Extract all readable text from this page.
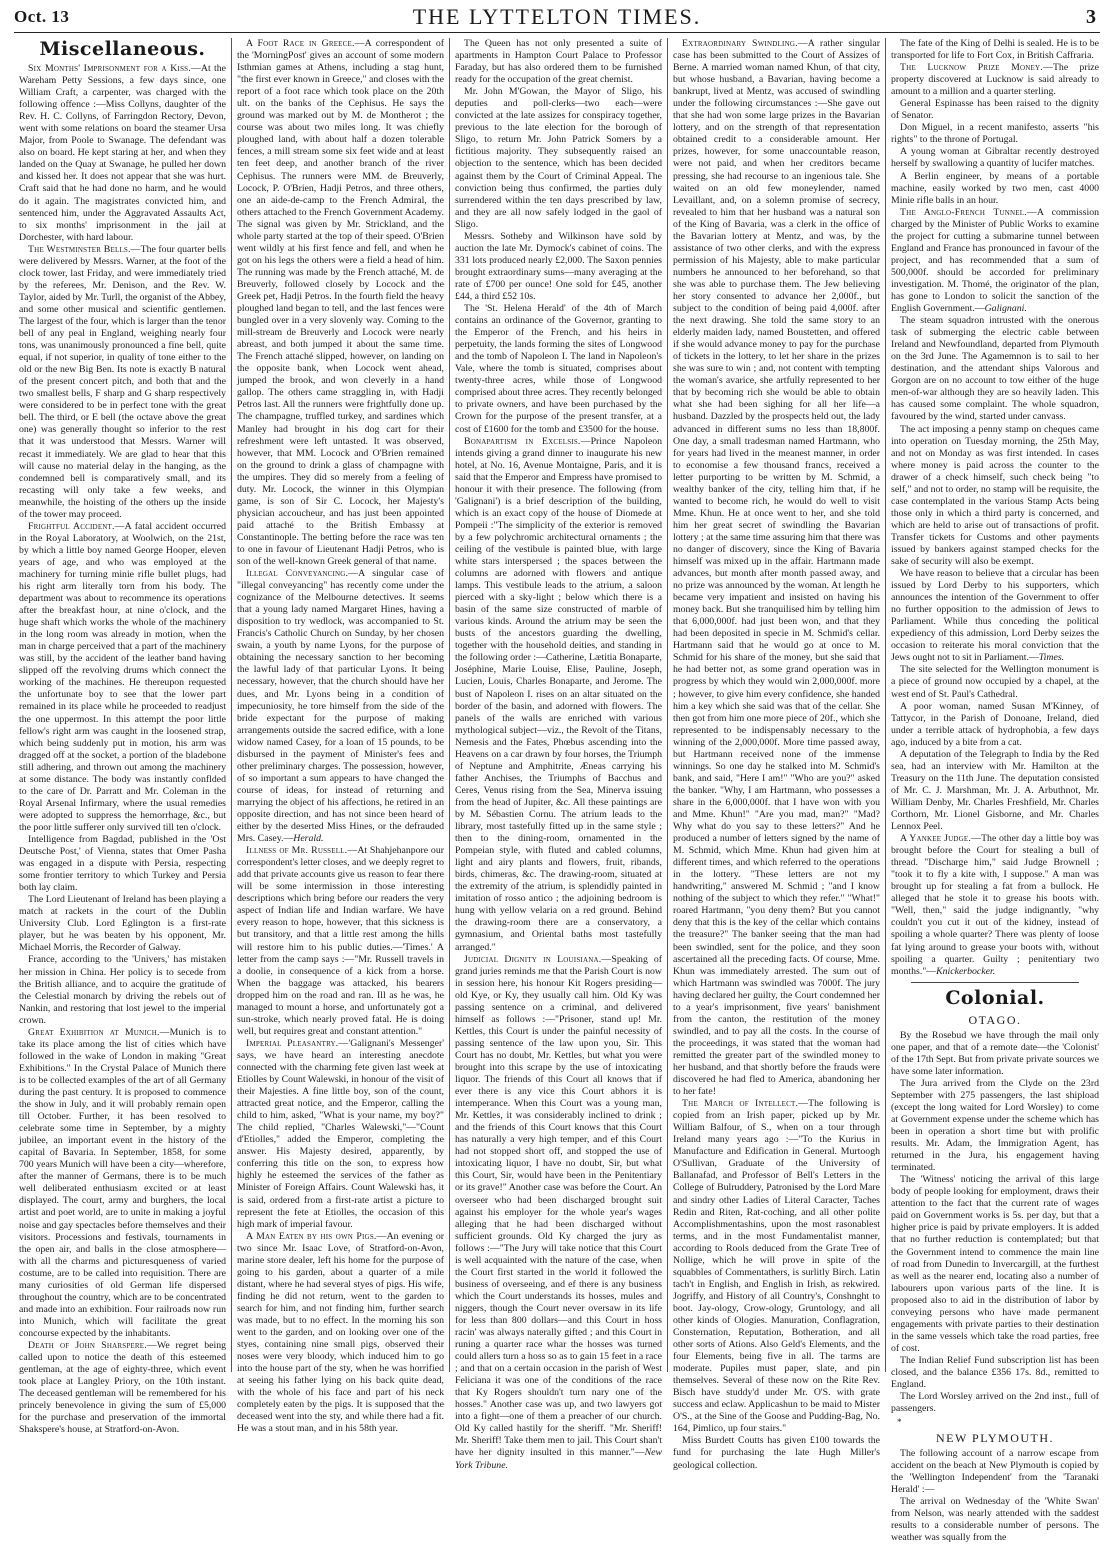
Oct. 13	THE LYTTELTON TIMES.	3
Miscellaneous.

Six Months' Imprisonment for a Kiss.—At the Wareham Petty Sessions, a few days since, one William Craft, a carpenter, was charged with the following offence :—Miss Collyns, daughter of the Rev. H. C. Collyns, of Farringdon Rectory, Devon, went with some relations on board the steamer Ursa Major, from Poole to Swanage. The defendant was also on board. He kept staring at her, and when they landed on the Quay at Swanage, he pulled her down and kissed her. It does not appear that she was hurt. Craft said that he had done no harm, and he would do it again. The magistrates convicted him, and sentenced him, under the Aggravated Assaults Act, to six months' imprisonment in the jail at Dorchester, with hard labour.

The Westminster Bells.—The four quarter bells were delivered by Messrs. Warner, at the foot of the clock tower, last Friday, and were immediately tried by the referees, Mr. Denison, and the Rev. W. Taylor, aided by Mr. Turll, the organist of the Abbey, and some other musical and scientific gentlemen. The largest of the four, which is larger than the tenor bell of any peal in England, weighing nearly four tons, was unanimously pronounced a fine bell, quite equal, if not superior, in quality of tone either to the old or the new Big Ben. Its note is exactly B natural of the present concert pitch, and both that and the two smallest bells, F sharp and G sharp respectively were considered to be in perfect tone with the great bell. The third, or E bell (the octave above the great one) was generally thought so inferior to the rest that it was understood that Messrs. Warner will recast it immediately. We are glad to hear that this will cause no material delay in the hanging, as the condemned bell is comparatively small, and its recasting will only take a few weeks, and meanwhile, the hoisting of the others up the inside of the tower may proceed.

Frightful Accident.—A fatal accident occurred in the Royal Laboratory, at Woolwich, on the 21st, by which a little boy named George Hooper, eleven years of age, and who was employed at the machinery for turning minie rifle bullet plugs, had his right arm literally torn from his body. The department was about to recommence its operations after the breakfast hour, at nine o'clock, and the huge shaft which works the whole of the machinery in the long room was already in motion, when the man in charge perceived that a part of the machinery was still, by the accident of the leather band having slipped off the revolving drums which connect the working of the machines. He thereupon requested the unfortunate boy to see that the lower part remained in its place while he proceeded to readjust the one uppermost. In this attempt the poor little fellow's right arm was caught in the loosened strap, which being suddenly put in motion, his arm was dragged off at the socket, a portion of the bladebone still adhering, and thrown out among the machinery at some distance. The body was instantly conflded to the care of Dr. Parratt and Mr. Coleman in the Royal Arsenal Infirmary, where the usual remedies were adopted to suppress the hemorrhage, &c., but the poor little sufferer only survived till ten o'clock.

Intelligence from Bagdad, published in the 'Ost Deutsche Post,' of Vienna, states that Omer Pasha was engaged in a dispute with Persia, respecting some frontier territory to which Turkey and Persia both lay claim.

The Lord Lieutenant of Ireland has been playing a match at rackets in the court of the Dublin University Club. Lord Eglington is a first-rate player, but he was beaten by his opponent, Mr. Michael Morris, the Recorder of Galway.

France, according to the 'Univers,' has mistaken her mission in China. Her policy is to secede from the British alliance, and to acquire the gratitude of the Celestial monarch by driving the rebels out of Nankin, and restoring that lost jewel to the imperial crown.

Great Exhibition at Munich.—Munich is to take its place among the list of cities which have followed in the wake of London in making "Great Exhibitions." In the Crystal Palace of Munich there is to be collected examples of the art of all Germany during the past century. It is proposed to commence the show in July, and it will probably remain open till October. Further, it has been resolved to celebrate some time in September, by a mighty jubilee, an important event in the history of the capital of Bavaria. In September, 1858, for some 700 years Munich will have been a city—wherefore, after the manner of Germans, there is to be much well deliberated enthusiasm excited or at least displayed. The court, army and burghers, the local artist and poet world, are to unite in making a joyful noise and gay spectacles before themselves and their visitors. Processions and festivals, tournaments in the open air, and balls in the close atmosphere—with all the charms and picturesqueness of varied costume, are to be called into requisition. There are many curiosities of old German life dispersed throughout the country, which are to be concentrated and made into an exhibition. Four railroads now run into Munich, which will facilitate the great concourse expected by the inhabitants.

Death of John Sharspere.—We regret being called upon to notice the death of this esteemed gentleman, at the age of eighty-three, which event took place at Langley Priory, on the 10th instant. The deceased gentleman will be remembered for his princely benevolence in giving the sum of £5,000 for the purchase and preservation of the immortal Shakspere's house, at Stratford-on-Avon.

A Foot Race in Greece.—A correspondent of the 'MorningPost' gives an account of some modern Isthmian games at Athens, including a stag hunt, "the first ever known in Greece," and closes with the report of a foot race which took place on the 20th ult. on the banks of the Cephisus. He says the ground was marked out by M. de Montherot ; the course was about two miles long. It was chiefly ploughed land, with about half a dozen tolerable fences, a mill stream some six feet wide and at least ten feet deep, and another branch of the river Cephisus. The runners were MM. de Breuverly, Locock, P. O'Brien, Hadji Petros, and three others, one an aide-de-camp to the French Admiral, the others attached to the French Government Academy. The signal was given by Mr. Strickland, and the whole party started at the top of their speed. O'Brien went wildly at his first fence and fell, and when he got on his legs the others were a field a head of him. The running was made by the French attaché, M. de Breuverly, followed closely by Locock and the Greek pet, Hadji Petros. In the fourth field the heavy ploughed land began to tell, and the last fences were bungled over in a very slovenly way. Coming to the mill-stream de Breuverly and Locock were nearly abreast, and both jumped it about the same time. The French attaché slipped, however, on landing on the opposite bank, when Locock went ahead, jumped the brook, and won cleverly in a hand gallop. The others came straggling in, with Hadji Petros last. All the runners were frightfully done up. The champagne, truffled turkey, and sardines which Manley had brought in his dog cart for their refreshment were left untasted. It was observed, however, that MM. Locock and O'Brien remained on the ground to drink a glass of champagne with the umpires. They did so merely from a feeling of duty. Mr. Locock, the winner in this Olympian game, is son of Sir C. Locock, her Majesty's physician accoucheur, and has just been appointed paid attaché to the British Embassy at Constantinople. The betting before the race was ten to one in favour of Lieutenant Hadji Petros, who is son of the well-known Greek general of that name.

Illegal Conveyancing.—A singular case of "illegal conveyancing" has recently come under the cognizance of the Melbourne detectives. It seems that a young lady named Margaret Hines, having a disposition to try wedlock, was accompanied to St. Francis's Catholic Church on Sunday, by her chosen swain, a youth by name Lyons, for the purpose of obtaining the necessary sanction to her becoming the lawful lady of that particular Lyons. It being necessary, however, that the church should have her dues, and Mr. Lyons being in a condition of impecuniosity, he tore himself from the side of the bride expectant for the purpose of making arrangements outside the sacred edifice, with a lone widow named Casey, for a loan of 15 pounds, to be disbursed in the payment of Minister's fees and other preliminary charges. The possession, however, of so important a sum appears to have changed the course of ideas, for instead of returning and marrying the object of his affections, he retired in an opposite direction, and has not since been heard of either by the deserted Miss Hines, or the defrauded Mrs. Casey.—Herald.

Illness of Mr. Russell.—At Shahjehanpore our correspondent's letter closes, and we deeply regret to add that private accounts give us reason to fear there will be some intermission in those interesting descriptions which bring before our readers the very aspect of Indian life and Indian warfare. We have every reason to hope, however, that this sickness is but transitory, and that a little rest among the hills will restore him to his public duties.—'Times.' A letter from the camp says :—"Mr. Russell travels in a doolie, in consequence of a kick from a horse. When the baggage was attacked, his bearers dropped him on the road and ran. Ill as he was, he managed to mount a horse, and unfortunately got a sun-stroke, which nearly proved fatal. He is doing well, but requires great and constant attention."

Imperial Pleasantry.—'Galignani's Messenger' says, we have heard an interesting anecdote connected with the charming fete given last week at Etiolles by Count Walewski, in honour of the visit of their Majesties. A fine little boy, son of the count, attracted great notice, and the Emperor, calling the child to him, asked, "What is your name, my boy?" The child replied, "Charles Walewski,"—"Count d'Etiolles," added the Emperor, completing the answer. His Majesty desired, apparently, by conferring this title on the son, to express how highly he esteemed the services of the father as Minister of Foreign Affairs. Count Walewski has, it is said, ordered from a first-rate artist a picture to represent the fete at Etiolles, the occasion of this high mark of imperial favour.

A Man Eaten by his own Pigs.—An evening or two since Mr. Isaac Love, of Stratford-on-Avon, marine store dealer, left his home for the purpose of going to his garden, about a quarter of a mile distant, where he had several styes of pigs. His wife, finding he did not return, went to the garden to search for him, and not finding him, further search was made, but to no effect. In the morning his son went to the garden, and on looking over one of the styes, containing nine small pigs, observed their noses were very bloody, which induced him to go into the house part of the sty, when he was horrified at seeing his father lying on his back quite dead, with the whole of his face and part of his neck completely eaten by the pigs. It is supposed that the deceased went into the sty, and while there had a fit. He was a stout man, and in his 58th year.

The Queen has not only presented a suite of apartments in Hampton Court Palace to Professor Faraday, but has also ordered them to be furnished ready for the occupation of the great chemist.

Mr. John M'Gowan, the Mayor of Sligo, his deputies and poll-clerks—two each—were convicted at the late assizes for conspiracy together, previous to the late election for the borough of Sligo, to return Mr. John Patrick Somers by a fictitious majority. They subsequently raised an objection to the sentence, which has been decided against them by the Court of Criminal Appeal. The conviction being thus confirmed, the parties duly surrendered within the ten days prescribed by law, and they are all now safely lodged in the gaol of Sligo.

Messrs. Sotheby and Wilkinson have sold by auction the late Mr. Dymock's cabinet of coins. The 331 lots produced nearly £2,000. The Saxon pennies brought extraordinary sums—many averaging at the rate of £700 per ounce! One sold for £45, another £44, a third £52 10s.

The 'St. Helena Herald' of the 4th of March contains an ordinance of the Governor, granting to the Emperor of the French, and his heirs in perpetuity, the lands forming the sites of Longwood and the tomb of Napoleon I. The land in Napoleon's Vale, where the tomb is situated, comprises about twenty-three acres, while those of Longwood comprised about three acres. They recently belonged to private owners, and have been purchased by the Crown for the purpose of the present transfer, at a cost of £1600 for the tomb and £3500 for the house.

Bonapartism in Excelsis.—Prince Napoleon intends giving a grand dinner to inaugurate his new hotel, at No. 16, Avenue Montaigne, Paris, and it is said that the Emperor and Empress have promised to honour it with their presence. The following (from 'Galignani') is a brief description of the building, which is an exact copy of the house of Diomede at Pompeii :"The simplicity of the exterior is removed by a few polychromic architectural ornaments ; the ceiling of the vestibule is painted blue, with large white stars interspersed ; the spaces between the columns are adorned with flowers and antique lamps. This vestibule leads to the atrium, a saloon pierced with a sky-light ; below which there is a basin of the same size constructed of marble of various kinds. Around the atrium may be seen the busts of the ancestors guarding the dwelling, together with the household deities, and standing in the following order :—Catherine, Lætitia Bonaparte, Joséphine, Marie Louise, Elise, Pauline, Joseph, Lucien, Louis, Charles Bonaparte, and Jerome. The bust of Napoleon I. rises on an altar situated on the border of the basin, and adorned with flowers. The panels of the walls are enriched with various mythological subject—viz., the Revolt of the Titans, Nemesis and the Fates, Phœbus ascending into the Heavens on a car drawn by four horses, the Triumph of Neptune and Amphitrite, Æneas carrying his father Anchises, the Triumphs of Bacchus and Ceres, Venus rising from the Sea, Minerva issuing from the head of Jupiter, &c. All these paintings are by M. Sébastien Cornu. The atrium leads to the library, most tastefully fitted up in the same style ; then to the dining-room, ornamented in the Pompeian style, with fluted and cabled columns, light and airy plants and flowers, fruit, ribands, birds, chimeras, &c. The drawing-room, situated at the extremity of the atrium, is splendidly painted in imitation of rosso antico ; the adjoining bedroom is hung with yellow velaria on a red ground. Behind the drawing-room there are a conservatory, a gymnasium, and Oriental baths most tastefully arranged."

Judicial Dignity in Louisiana.—Speaking of grand juries reminds me that the Parish Court is now in session here, his honour Kit Rogers presiding—old Kye, or Ky, they usually call him. Old Ky was passing sentence on a criminal, and delivered himself as follows :—"Prisoner, stand up! Mr. Kettles, this Court is under the painful necessity of passing sentence of the law upon you, Sir. This Court has no doubt, Mr. Kettles, but what you were brought into this scrape by the use of intoxicating liquor. The friends of this Court all knows that if ever there is any vice this Court abhors it is intemperance. When this Court was a young man, Mr. Kettles, it was considerably inclined to drink ; and the friends of this Court knows that this Court has naturally a very high temper, and ef this Court had not stopped short off, and stopped the use of intoxicating liquor, I have no doubt, Sir, but what this Court, Sir, would have been in the Penitentiary or its grave!" Another case was before the Court. An overseer who had been discharged brought suit against his employer for the whole year's wages alleging that he had been discharged without sufficient grounds. Old Ky charged the jury as follows :—"The Jury will take notice that this Court is well acquainted with the nature of the case, when the Court first started in the world it followed the business of overseeing, and ef there is any business which the Court understands its hosses, mules and niggers, though the Court never oversaw in its life for less than 800 dollars—and this Court in hoss racin' was always naterally gifted ; and this Court in runing a quarter race whar the hosses was turned could allers turn a hoss so as to gain 15 feet in a race ; and that on a certain occasion in the parish of West Feliciana it was one of the conditions of the race that Ky Rogers shouldn't turn nary one of the hosses." Another case was up, and two lawyers got into a fight—one of them a preacher of our church. Old Ky called hastily for the sheriff. "Mr. Sheriff! Mr. Sheriff! Take them men to jail. This Court shan't have her dignity insulted in this manner."—New York Tribune.

Extraordinary Swindling.—A rather singular case has been submitted to the Court of Assizes of Berne. A married woman named Khun, of that city, but whose husband, a Bavarian, having become a bankrupt, lived at Mentz, was accused of swindling under the following circumstances :—She gave out that she had won some large prizes in the Bavarian lottery, and on the strength of that representation obtained credit to a considerable amount. Her prizes, however, for some unaccountable reason, were not paid, and when her creditors became pressing, she had recourse to an ingenious tale. She waited on an old few moneylender, named Levaillant, and, on a solemn promise of secrecy, revealed to him that her husband was a natural son of the King of Bavaria, was a clerk in the office of the Bavarian lottery at Mentz, and was, by the assistance of two other clerks, and with the express permission of his Majesty, able to make particular numbers he announced to her beforehand, so that she was able to purchase them. The Jew believing her story consented to advance her 2,000f., but subject to the condition of being paid 4,000f. after the next drawing. She told the same story to an elderly maiden lady, named Boustetten, and offered if she would advance money to pay for the purchase of tickets in the lottery, to let her share in the prizes she was sure to win ; and, not content with tempting the woman's avarice, she artfully represented to her that by becoming rich she would be able to obtain what she had been sighing for all her life—a husband. Dazzled by the prospects held out, the lady advanced in different sums no less than 18,800f. One day, a small tradesman named Hartmann, who for years had lived in the meanest manner, in order to economise a few thousand francs, received a letter purporting to be written by M. Schmid, a wealthy banker of the city, telling him that, if he wanted to become rich, he would do well to visit Mme. Khun. He at once went to her, and she told him her great secret of swindling the Bavarian lottery ; at the same time assuring him that there was no danger of discovery, since the King of Bavaria himself was mixed up in the affair. Hartmann made advances, but month after month passed away, and no prize was announced by the woman. At length he became very impatient and insisted on having his money back. But she tranquilised him by telling him that 6,000,000f. had just been won, and that they had been deposited in specie in M. Schmid's cellar. Hartmann said that he would go at once to M. Schmid for his share of the money, but she said that he had better not, as some grand operation was in progress by which they would win 2,000,000f. more ; however, to give him every confidence, she handed him a key which she said was that of the cellar. She then got from him one more piece of 20f., which she represented to be indispensably necessary to the winning of the 2,000,000f. More time passed away, but Hartmann received none of the immense winnings. So one day he stalked into M. Schmid's bank, and said, "Here I am!" "Who are you?" asked the banker. "Why, I am Hartmann, who possesses a share in the 6,000,000f. that I have won with you and Mme. Khun!" "Are you mad, man?" "Mad? Why what do you say to these letters?" And he produced a number of letters signed by the name of M. Schmid, which Mme. Khun had given him at different times, and which referred to the operations in the lottery. "These letters are not my handwriting," answered M. Schmid ; "and I know nothing of the subject to which they refer." "What!" roared Hartmann, "you deny them? But you cannot deny that this is the key of the cellar which contains the treasure?" The banker seeing that the man had been swindled, sent for the police, and they soon ascertained all the preceding facts. Of course, Mme. Khun was immediately arrested. The sum out of which Hartmann was swindled was 7000f. The jury having declared her guilty, the Court condemned her to a year's imprisonment, five years' banishment from the canton, the restitution of the money swindled, and to pay all the costs. In the course of the proceedings, it was stated that the woman had remitted the greater part of the swindled money to her husband, and that shortly before the frauds were discovered he had fled to America, abandoning her to her fate!

The March of Intellect.—The following is copied from an Irish paper, picked up by Mr. William Balfour, of S., when on a tour through Ireland many years ago :—"To the Kurius in Manufacture and Edification in General. Murtoogh O'Sullivan, Graduate of the University of Ballanafad, and Professor of Bell's Letters in the College of Bulruddery, Patronised by the Lord Mare and sindry other Ladies of Literal Caracter, Taches Redin and Riten, Rat-coching, and all other polite Accomplishmentashins, upon the most rasonablest terms, and in the most Fundamentalist manner, according to Rools deduced from the Grate Tree of Nollige, which he will prove in spite of the squabbles of Commentathers, is surlitly Birch. Latin tach't in English, and English in Irish, as rekwired. Jogriffy, and History of all Country's, Conshnght to boot. Jay-ology, Crow-ology, Gruntology, and all other kinds of Ologies. Manuration, Conflagration, Consternation, Reputation, Botheration, and all other sorts of Ations. Also Geld's Elements, and the four Elements, being five in all. The tarms are moderate. Pupiles must paper, slate, and pin themselves. Several of these now on the Rite Rev. Bisch have studdy'd under Mr. O'S. with grate success and eclaw. Applicashun to be maid to Mister O'S., at the Sine of the Goose and Pudding-Bag, No. 164, Pimlico, up four stairs."

Miss Burdett Coutts has given £100 towards the fund for purchasing the late Hugh Miller's geological collection.

The fate of the King of Delhi is sealed. He is to be transported for life to Fort Cox, in British Caffraria.

The Lucknow Prize Money.—The prize property discovered at Lucknow is said already to amount to a million and a quarter sterling.

General Espinasse has been raised to the dignity of Senator.

Don Miguel, in a recent manifesto, asserts "his rights" to the throne of Portugal.

A young woman at Gibraltar recently destroyed herself by swallowing a quantity of lucifer matches.

A Berlin engineer, by means of a portable machine, easily worked by two men, cast 4000 Minie rifle balls in an hour.

The Anglo-French Tunnel.—A commission charged by the Minister of Public Works to examine the project for cutting a submarine tunnel between England and France has pronounced in favour of the project, and has recommended that a sum of 500,000f. should be accorded for preliminary investigation. M. Thomé, the originator of the plan, has gone to London to solicit the sanction of the English Government.—Galignani.

The steam squadron intrusted with the onerous task of submerging the electric cable between Ireland and Newfoundland, departed from Plymouth on the 3rd June. The Agamemnon is to sail to her destination, and the attendant ships Valorous and Gorgon are on no account to tow either of the huge men-of-war although they are so heavily laden. This has caused some complaint. The whole squadron, favoured by the wind, started under canvass.

The act imposing a penny stamp on cheques came into operation on Tuesday morning, the 25th May, and not on Monday as was first intended. In cases where money is paid across the counter to the drawer of a check himself, such check being "to self," and not to order, no stamp will be requisite, the case contemplated in the various Stamp Acts being those only in which a third party is concerned, and which are held to arise out of transactions of profit. Transfer tickets for Customs and other payments issued by bankers against stamped checks for the sake of security will also be exempt.

We have reason to believe that a circular has been issued by Lord Derby to his supporters, which announces the intention of the Government to offer no further opposition to the admission of Jews to Parliament. While thus conceding the political expediency of this admission, Lord Derby seizes the occasion to reiterate his moral conviction that the Jews ought not to sit in Parliament.—Times.

The site selected for the Wellington monument is a piece of ground now occupied by a chapel, at the west end of St. Paul's Cathedral.

A poor woman, named Susan M'Kinney, of Tattycor, in the Parish of Donoane, Ireland, died under a terrible attack of hydrophobia, a few days ago, induced by a bite from a cat.

A deputation of the Telegraph to India by the Red sea, had an interview with Mr. Hamilton at the Treasury on the 11th June. The deputation consisted of Mr. C. J. Marshman, Mr. J. A. Arbuthnot, Mr. William Denby, Mr. Charles Freshfield, Mr. Charles Corthorn, Mr. Lionel Gisborne, and Mr. Charles Lennox Peel.

A Yankee Judge.—The other day a little boy was brought before the Court for stealing a bull of thread. "Discharge him," said Judge Brownell ; "took it to fly a kite with, I suppose." A man was brought up for stealing a fat from a bullock. He alleged that he stole it to grease his boots with. "Well, then," said the judge indignantly, "why couldn't you cut it out of the kidney, instead of spoiling a whole quarter? There was plenty of loose fat lying around to grease your boots with, without spoiling a quarter. Guilty ; penitentiary two months."—Knickerbocker.

Colonial.
OTAGO.

By the Rosebud we have through the mail only one paper, and that of a remote date—the 'Colonist' of the 17th Sept. But from private private sources we have some later information.

The Jura arrived from the Clyde on the 23rd September with 275 passengers, the last shipload (except the long waited for Lord Worsley) to come at Government expense under the scheme which has been in operation a short time but with prolific results. Mr. Adam, the Immigration Agent, has returned in the Jura, his engagement having terminated.

The 'Witness' noticing the arrival of this large body of people looking for employment, draws their attention to the fact that the current rate of wages paid on Government works is 5s. per day, but that a higher price is paid by private employers. It is added that no further reduction is contemplated; but that the Government intend to commence the main line of road from Dunedin to Invercargill, at the furthest as well as the nearer end, locating also a number of labourers upon various parts of the line. It is proposed also to aid in the distribution of labor by conveying persons who have made permanent engagements with private parties to their destination in the same vessels which take the road parties, free of cost.

The Indian Relief Fund subscription list has been closed, and the balance £356 17s. 8d., remitted to England.

The Lord Worsley arrived on the 2nd inst., full of passengers.

*
NEW PLYMOUTH.

The following account of a narrow escape from accident on the beach at New Plymouth is copied by the 'Wellington Independent' from the 'Taranaki Herald' :—

The arrival on Wednesday of the 'White Swan' from Nelson, was nearly attended with the saddest results to a considerable number of persons. The weather was squally from the
